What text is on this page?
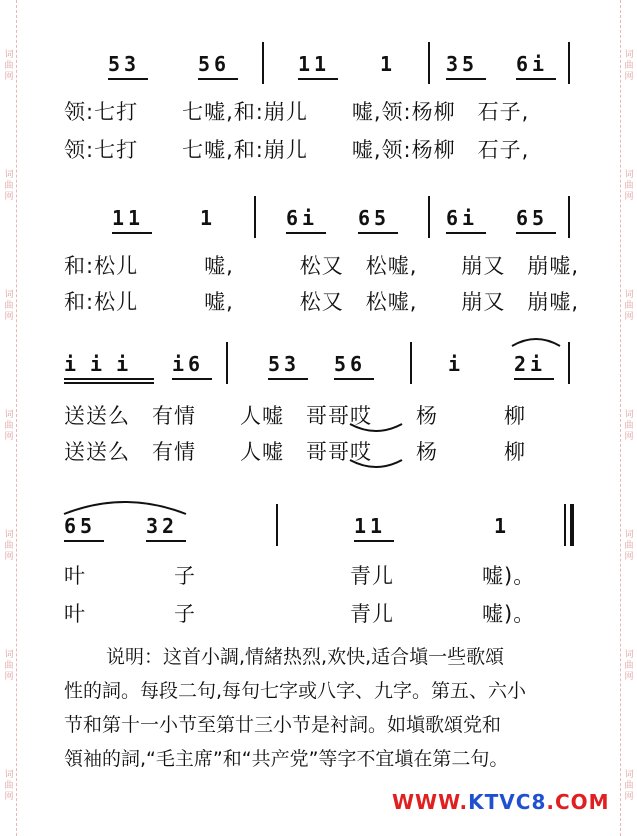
词
曲
网
词
曲
网
词
曲
网
词
曲
网
词
曲
网
词
曲
网
词
曲
网
词
曲
网
词
曲
网
词
曲
网
词
曲
网
词
曲
网
词
曲
网
词
曲
网
53	56	11 1 35 6i
领:七打　　七嘘,和:崩儿　　嘘,领:杨柳　石子,
领:七打　　七嘘,和:崩儿　　嘘,领:杨柳　石子,
11	1	6i 65	6i 65
和:松儿　　　嘘,　　　松又　松嘘,　　崩又　崩嘘,
和:松儿　　　嘘,　　　松又　松嘘,　　崩又　崩嘘,
iii i6	53 56	i 2i
送送么　有情　　人嘘　哥哥哎　　杨　　　柳
送送么　有情　　人嘘　哥哥哎　　杨　　　柳
65 32	11	1
叶　　　　子　　　　　　　青儿　　　　嘘)。
叶　　　　子　　　　　　　青儿　　　　嘘)。

说明：这首小調,情緒热烈,欢快,适合塡一些歌頌

性的詞。每段二句,每句七字或八字、九字。第五、六小

节和第十一小节至第廿三小节是衬詞。如塡歌頌党和

領袖的詞,“毛主席”和“共产党”等字不宜塡在第二句。

WWW.KTVC8.COM
